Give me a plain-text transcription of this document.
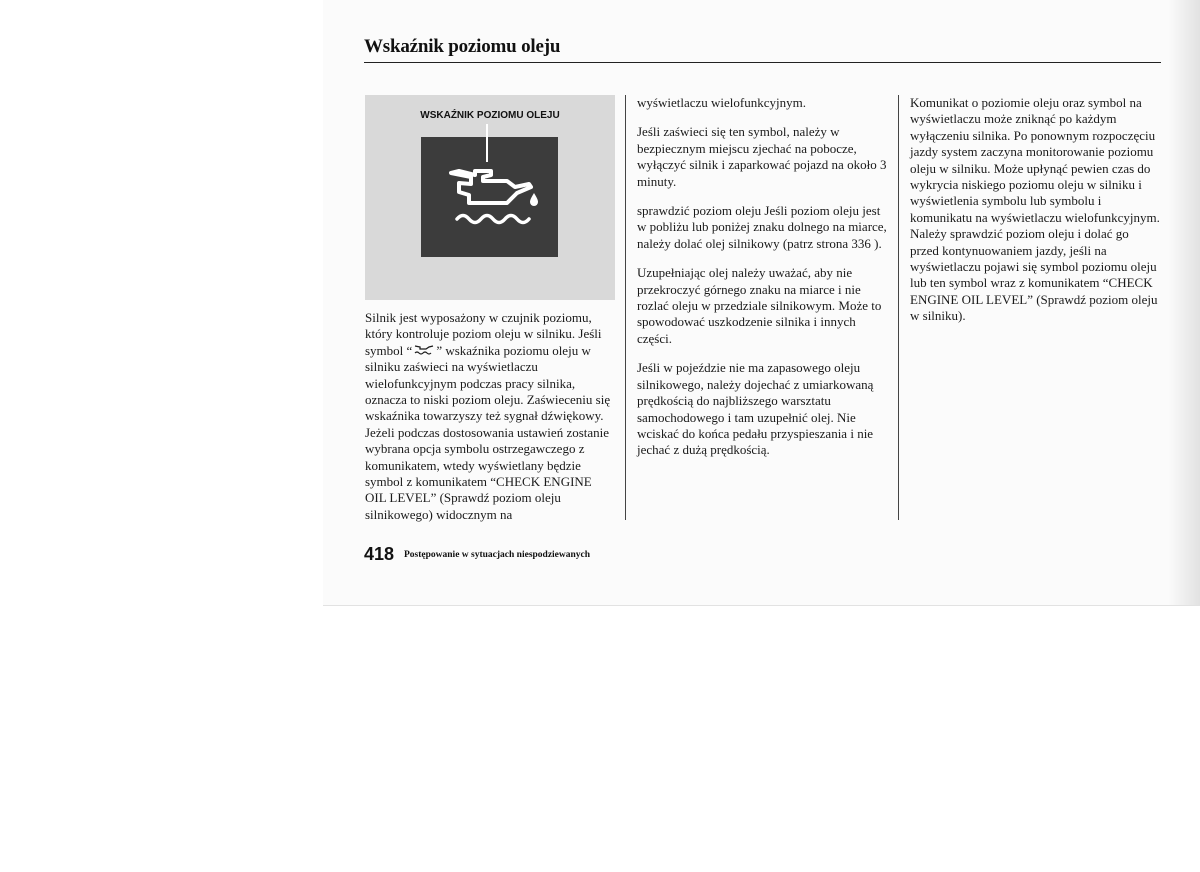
Wskaźnik poziomu oleju
WSKAŹNIK POZIOMU OLEJU

Silnik jest wyposażony w czujnik poziomu, który kontroluje poziom oleju w silniku. Jeśli symbol “ ” wskaźnika poziomu oleju w silniku zaświeci na wyświetlaczu wielofunkcyjnym podczas pracy silnika, oznacza to niski poziom oleju. Zaświeceniu się wskaźnika towarzyszy też sygnał dźwiękowy. Jeżeli podczas dostosowania ustawień zostanie wybrana opcja symbolu ostrzegawczego z komunikatem, wtedy wyświetlany będzie symbol z komunikatem “CHECK ENGINE OIL LEVEL” (Sprawdź poziom oleju silnikowego) widocznym na

wyświetlaczu wielofunkcyjnym.

Jeśli zaświeci się ten symbol, należy w bezpiecznym miejscu zjechać na pobocze, wyłączyć silnik i zaparkować pojazd na około 3 minuty.

sprawdzić poziom oleju Jeśli poziom oleju jest w pobliżu lub poniżej znaku dolnego na miarce, należy dolać olej silnikowy (patrz strona 336 ).

Uzupełniając olej należy uważać, aby nie przekroczyć górnego znaku na miarce i nie rozlać oleju w przedziale silnikowym. Może to spowodować uszkodzenie silnika i innych części.

Jeśli w pojeździe nie ma zapasowego oleju silnikowego, należy dojechać z umiarkowaną prędkością do najbliższego warsztatu samochodowego i tam uzupełnić olej. Nie wciskać do końca pedału przyspieszania i nie jechać z dużą prędkością.

Komunikat o poziomie oleju oraz symbol na wyświetlaczu może zniknąć po każdym wyłączeniu silnika. Po ponownym rozpoczęciu jazdy system zaczyna monitorowanie poziomu oleju w silniku. Może upłynąć pewien czas do wykrycia niskiego poziomu oleju w silniku i wyświetlenia symbolu lub symbolu i komunikatu na wyświetlaczu wielofunkcyjnym. Należy sprawdzić poziom oleju i dolać go przed kontynuowaniem jazdy, jeśli na wyświetlaczu pojawi się symbol poziomu oleju lub ten symbol wraz z komunikatem “CHECK ENGINE OIL LEVEL” (Sprawdź poziom oleju w silniku).

418 Postępowanie w sytuacjach niespodziewanych
